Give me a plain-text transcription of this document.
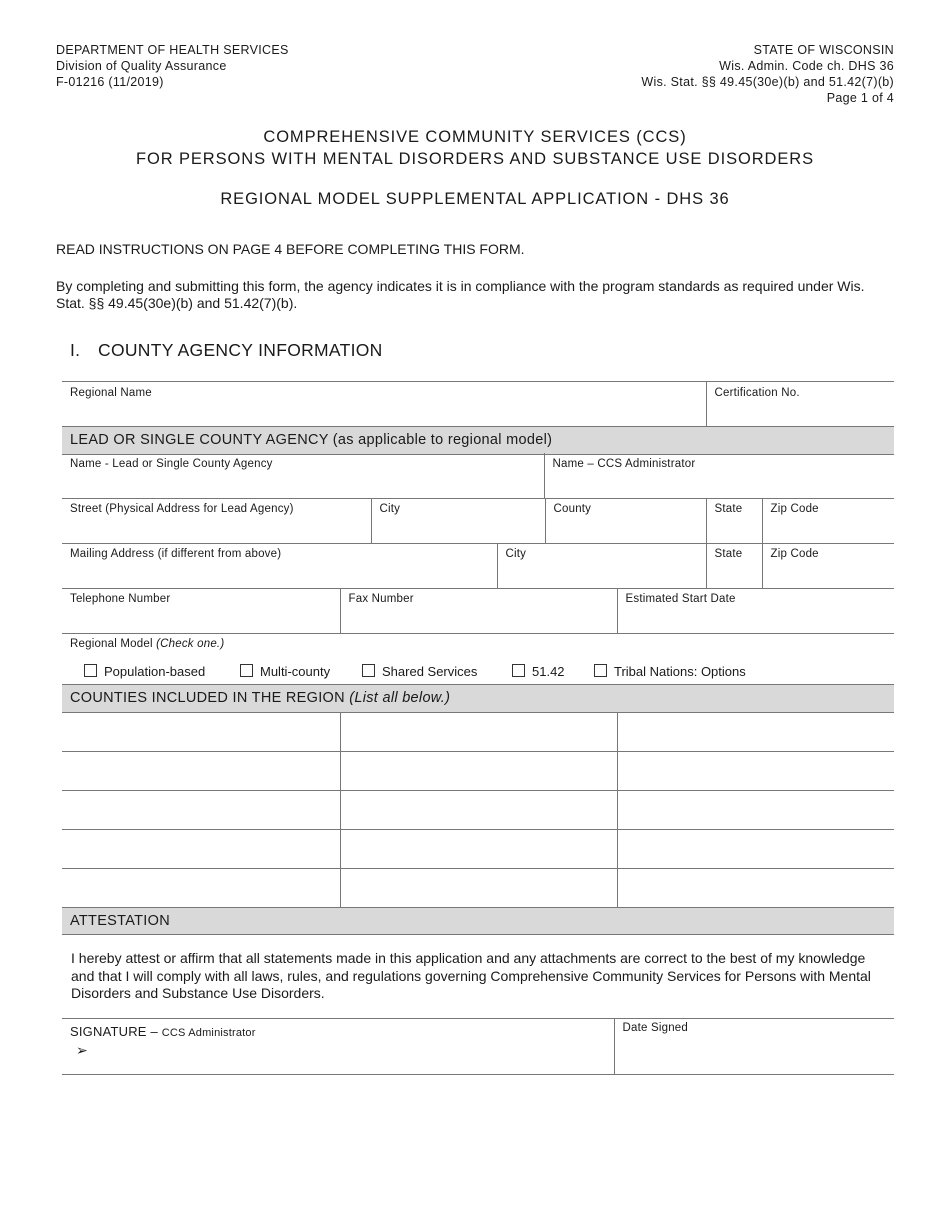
DEPARTMENT OF HEALTH SERVICES
Division of Quality Assurance
F-01216 (11/2019)
STATE OF WISCONSIN
Wis. Admin. Code ch. DHS 36
Wis. Stat. §§ 49.45(30e)(b) and 51.42(7)(b)
Page 1 of 4
COMPREHENSIVE COMMUNITY SERVICES (CCS)
FOR PERSONS WITH MENTAL DISORDERS AND SUBSTANCE USE DISORDERS
REGIONAL MODEL SUPPLEMENTAL APPLICATION - DHS 36
READ INSTRUCTIONS ON PAGE 4 BEFORE COMPLETING THIS FORM.
By completing and submitting this form, the agency indicates it is in compliance with the program standards as required under Wis. Stat. §§ 49.45(30e)(b) and 51.42(7)(b).
I. COUNTY AGENCY INFORMATION
Regional Name	Certification No.

LEAD OR SINGLE COUNTY AGENCY (as applicable to regional model)
Name - Lead or Single County Agency	Name – CCS Administrator
Street (Physical Address for Lead Agency)	City	County	State	Zip Code
Mailing Address (if different from above)	City	State	Zip Code
Telephone Number	Fax Number	Estimated Start Date
Regional Model (Check one.)
Population-based	Multi-county	Shared Services	51.42	Tribal Nations: Options

COUNTIES INCLUDED IN THE REGION (List all below.)

ATTESTATION		
I hereby attest or affirm that all statements made in this application and any attachments are correct to the best of my knowledge and that I will comply with all laws, rules, and regulations governing Comprehensive Community Services for Persons with Mental Disorders and Substance Use Disorders.
SIGNATURE – CCS Administrator
➢

Date Signed
